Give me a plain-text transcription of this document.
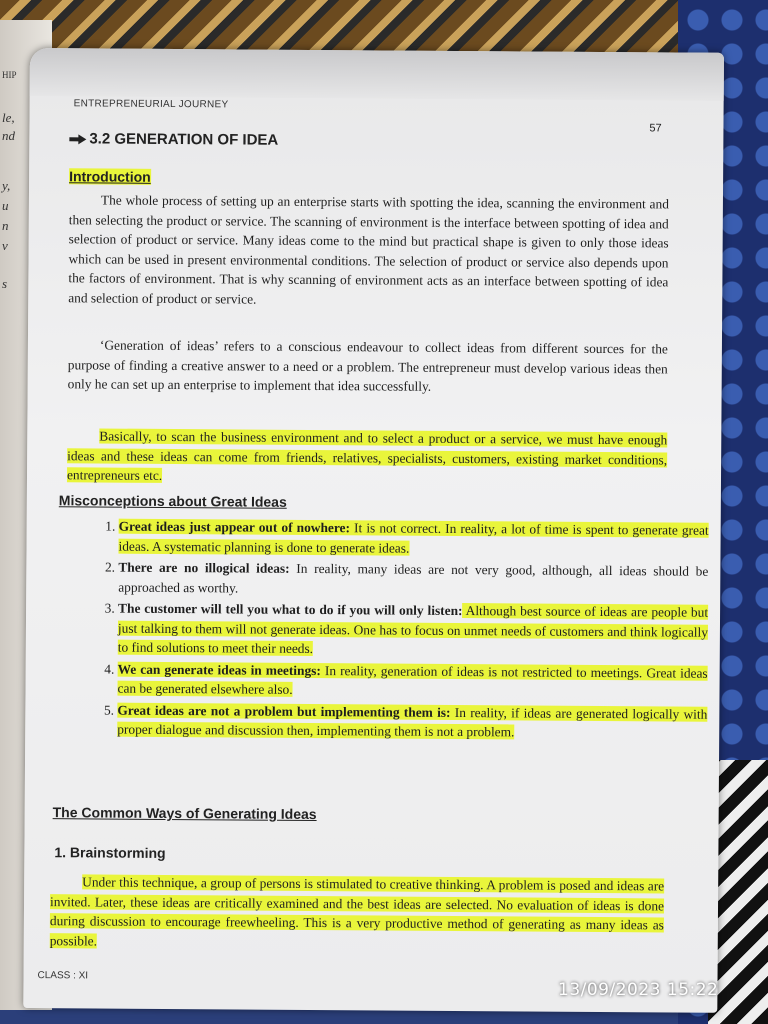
HIP
le,
nd
y,
u
n
v
s
ENTREPRENEURIAL JOURNEY
57
3.2 GENERATION OF IDEA
Introduction

The whole process of setting up an enterprise starts with spotting the idea, scanning the environment and then selecting the product or service. The scanning of environment is the interface between spotting of idea and selection of product or service. Many ideas come to the mind but practical shape is given to only those ideas which can be used in present environmental conditions. The selection of product or service also depends upon the factors of environment. That is why scanning of environment acts as an interface between spotting of idea and selection of product or service.

‘Generation of ideas’ refers to a conscious endeavour to collect ideas from different sources for the purpose of finding a creative answer to a need or a problem. The entrepreneur must develop various ideas then only he can set up an enterprise to implement that idea successfully.

Basically, to scan the business environment and to select a product or a service, we must have enough ideas and these ideas can come from friends, relatives, specialists, customers, existing market conditions, entrepreneurs etc.

Misconceptions about Great Ideas
1. Great ideas just appear out of nowhere: It is not correct. In reality, a lot of time is spent to generate great ideas. A systematic planning is done to generate ideas.
2. There are no illogical ideas: In reality, many ideas are not very good, although, all ideas should be approached as worthy.
3. The customer will tell you what to do if you will only listen: Although best source of ideas are people but just talking to them will not generate ideas. One has to focus on unmet needs of customers and think logically to find solutions to meet their needs.
4. We can generate ideas in meetings: In reality, generation of ideas is not restricted to meetings. Great ideas can be generated elsewhere also.
5. Great ideas are not a problem but implementing them is: In reality, if ideas are generated logically with proper dialogue and discussion then, implementing them is not a problem.
The Common Ways of Generating Ideas
1. Brainstorming

Under this technique, a group of persons is stimulated to creative thinking. A problem is posed and ideas are invited. Later, these ideas are critically examined and the best ideas are selected. No evaluation of ideas is done during discussion to encourage freewheeling. This is a very productive method of generating as many ideas as possible.

CLASS : XI
13/09/2023 15:22
